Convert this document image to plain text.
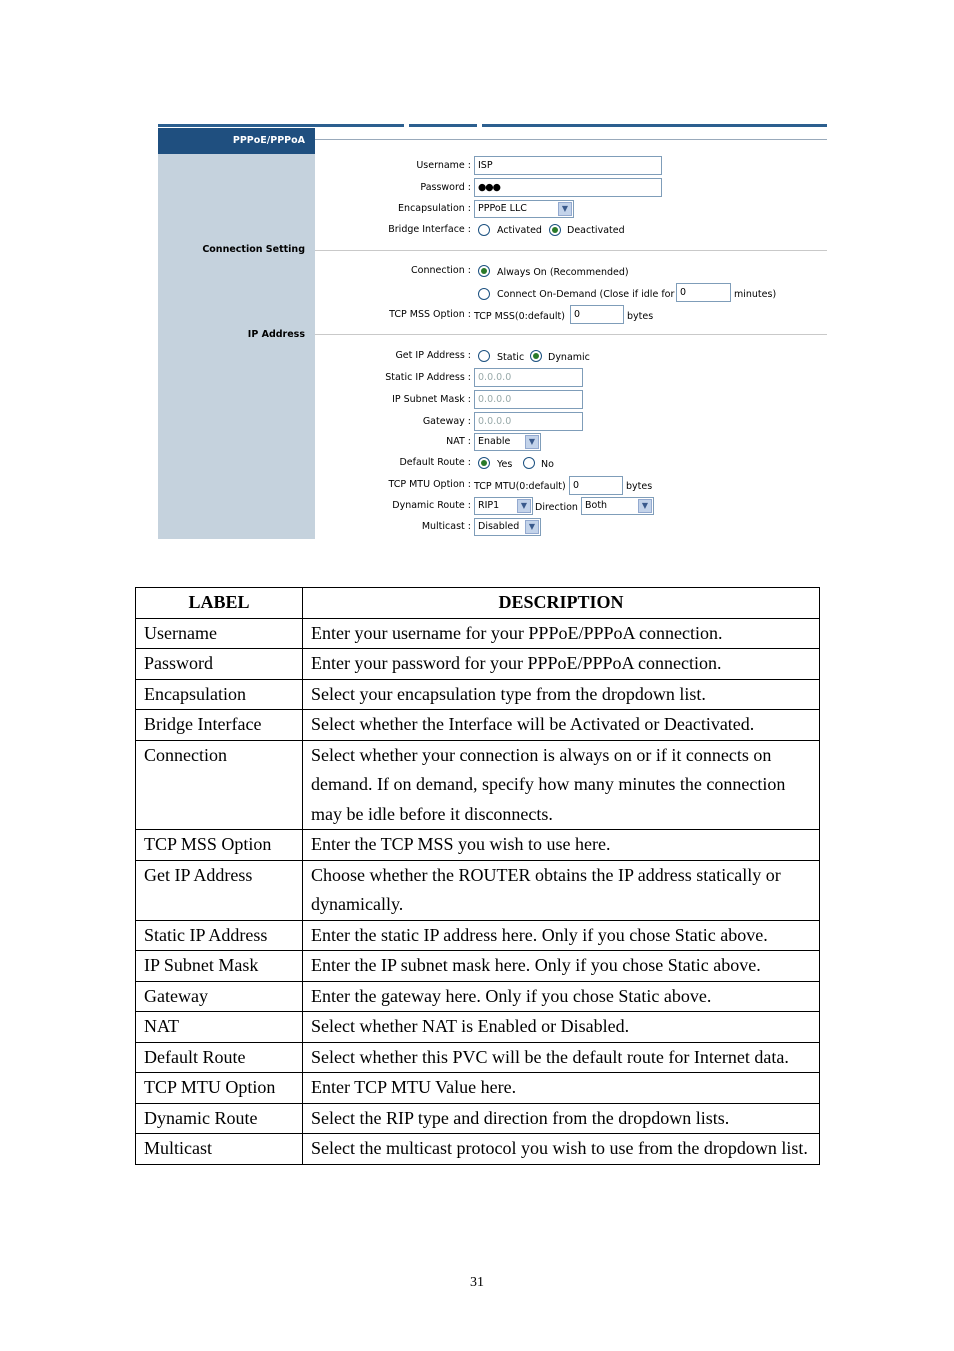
PPPoE/PPPoA
Connection Setting
IP Address
Username : ISP
Password : ●●●
Encapsulation : PPPoE LLC	▼
Bridge Interface :	Activated	Deactivated
Connection :	Always On (Recommended)
Connect On-Demand (Close if idle for 0	minutes)
TCP MSS Option : TCP MSS(0:default) 0	bytes
Get IP Address :	Static	Dynamic
Static IP Address : 0.0.0.0
IP Subnet Mask : 0.0.0.0
Gateway : 0.0.0.0
NAT : Enable	▼
Default Route :	Yes	No
TCP MTU Option : TCP MTU(0:default) 0	bytes
Dynamic Route : RIP1	▼ Direction Both	▼
Multicast : Disabled	▼
LABEL	DESCRIPTION
Username	Enter your username for your PPPoE/PPPoA connection.
Password	Enter your password for your PPPoE/PPPoA connection.
Encapsulation	Select your encapsulation type from the dropdown list.
Bridge Interface	Select whether the Interface will be Activated or Deactivated.
Connection	Select whether your connection is always on or if it connects on demand. If on demand, specify how many minutes the connection may be idle before it disconnects.
TCP MSS Option	Enter the TCP MSS you wish to use here.
Get IP Address	Choose whether the ROUTER obtains the IP address statically or dynamically.
Static IP Address	Enter the static IP address here. Only if you chose Static above.
IP Subnet Mask	Enter the IP subnet mask here. Only if you chose Static above.
Gateway	Enter the gateway here. Only if you chose Static above.
NAT	Select whether NAT is Enabled or Disabled.
Default Route	Select whether this PVC will be the default route for Internet data.
TCP MTU Option	Enter TCP MTU Value here.
Dynamic Route	Select the RIP type and direction from the dropdown lists.
Multicast	Select the multicast protocol you wish to use from the dropdown list.
31
